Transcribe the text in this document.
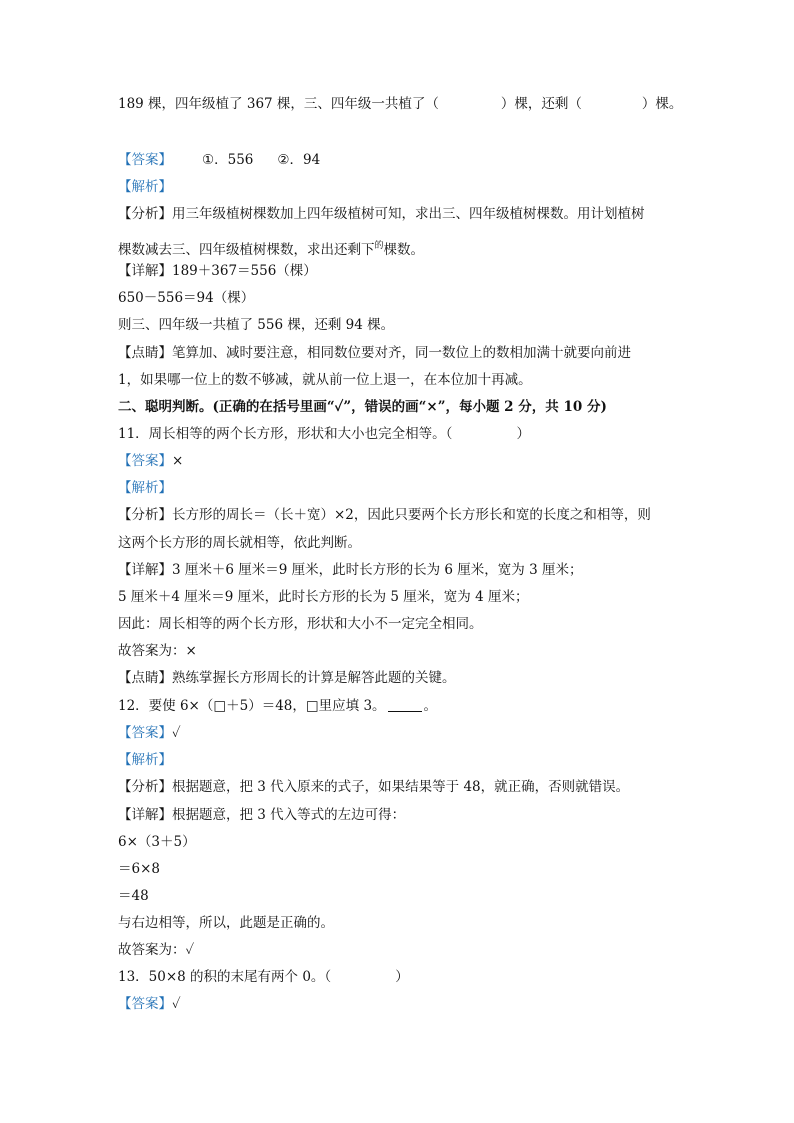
189 棵，四年级植了 367 棵，三、四年级一共植了（	）棵，还剩（	）棵。
【答案】 ①．556 ②．94
【解析】
【分析】用三年级植树棵数加上四年级植树可知，求出三、四年级植树棵数。用计划植树
棵数减去三、四年级植树棵数，求出还剩下$^的$棵数。
【详解】189＋367＝556（棵）
650－556＝94（棵）
则三、四年级一共植了 556 棵，还剩 94 棵。
【点睛】笔算加、减时要注意，相同数位要对齐，同一数位上的数相加满十就要向前进
1，如果哪一位上的数不够减，就从前一位上退一，在本位加十再减。
二、聪明判断。(正确的在括号里画“✓”，错误的画“×”，每小题 2 分，共 10 分)
11．周长相等的两个长方形，形状和大小也完全相等。（	）
【答案】×
【解析】
【分析】长方形的周长＝（长＋宽）×2，因此只要两个长方形长和宽的长度之和相等，则
这两个长方形的周长就相等，依此判断。
【详解】3 厘米＋6 厘米＝9 厘米，此时长方形的长为 6 厘米，宽为 3 厘米；
5 厘米＋4 厘米＝9 厘米，此时长方形的长为 5 厘米，宽为 4 厘米；
因此：周长相等的两个长方形，形状和大小不一定完全相同。
故答案为：×
【点睛】熟练掌握长方形周长的计算是解答此题的关键。
12．要使 6×（□＋5）＝48，□里应填 3。	。
【答案】✓
【解析】
【分析】根据题意，把 3 代入原来的式子，如果结果等于 48，就正确，否则就错误。
【详解】根据题意，把 3 代入等式的左边可得：
6×（3＋5）
＝6×8
＝48
与右边相等，所以，此题是正确的。
故答案为：✓
13．50×8 的积的末尾有两个 0。（	）
【答案】✓
